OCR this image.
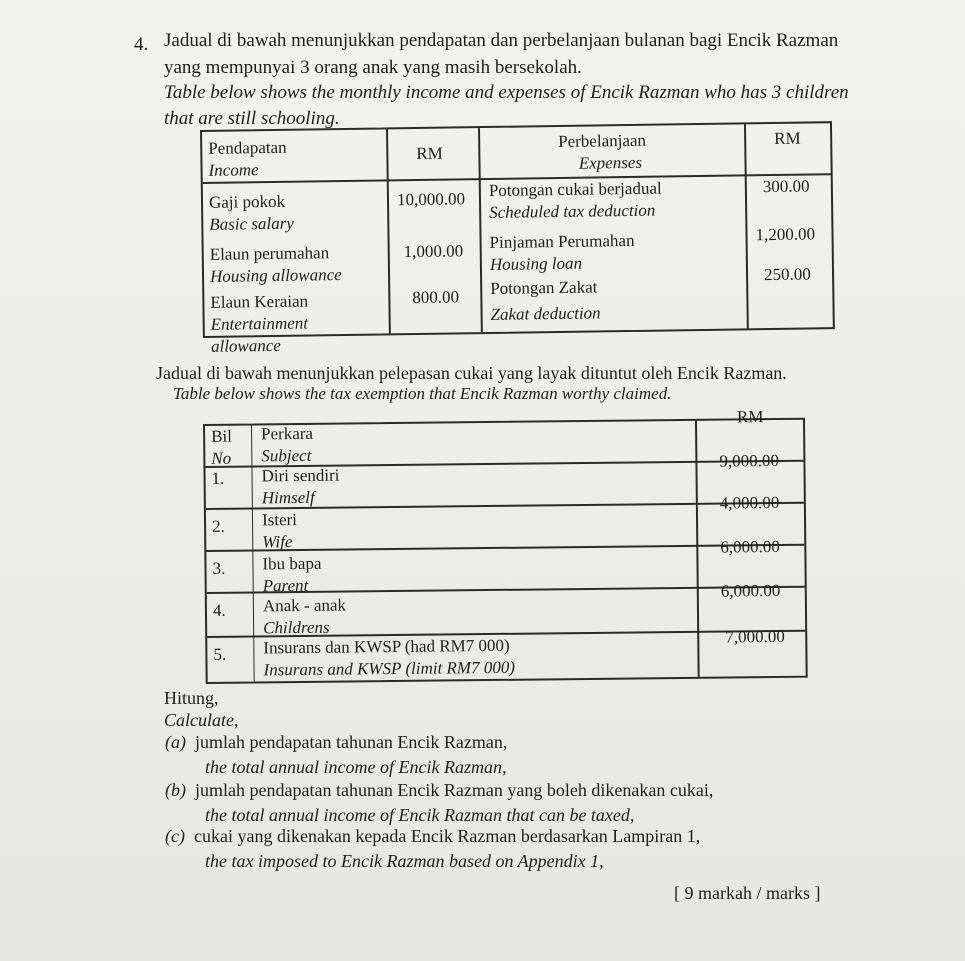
4. Jadual di bawah menunjukkan pendapatan dan perbelanjaan bulanan bagi Encik Razman
yang mempunyai 3 orang anak yang masih bersekolah.
Table below shows the monthly income and expenses of Encik Razman who has 3 children
that are still schooling.
Pendapatan
Income
RM
Perbelanjaan
Expenses
RM
Gaji pokok
Basic salary
10,000.00 Potongan cukai berjadual
Scheduled tax deduction
300.00
Elaun perumahan
Housing allowance
1,000.00 Pinjaman Perumahan
Housing loan
1,200.00
Elaun Keraian
Entertainment
allowance
800.00 Potongan Zakat
Zakat deduction
250.00
Jadual di bawah menunjukkan pelepasan cukai yang layak dituntut oleh Encik Razman.
Table below shows the tax exemption that Encik Razman worthy claimed.
Bil
No
Perkara
Subject
RM
1. Diri sendiri
Himself
9,000.00
2. Isteri
Wife
4,000.00
3. Ibu bapa
Parent
6,000.00
4. Anak - anak
Childrens
6,000.00
5. Insurans dan KWSP (had RM7 000)
Insurans and KWSP (limit RM7 000)
7,000.00
Hitung,
Calculate,
(a) jumlah pendapatan tahunan Encik Razman,
the total annual income of Encik Razman,
(b) jumlah pendapatan tahunan Encik Razman yang boleh dikenakan cukai,
the total annual income of Encik Razman that can be taxed,
(c) cukai yang dikenakan kepada Encik Razman berdasarkan Lampiran 1,
the tax imposed to Encik Razman based on Appendix 1,
[ 9 markah / marks ]
